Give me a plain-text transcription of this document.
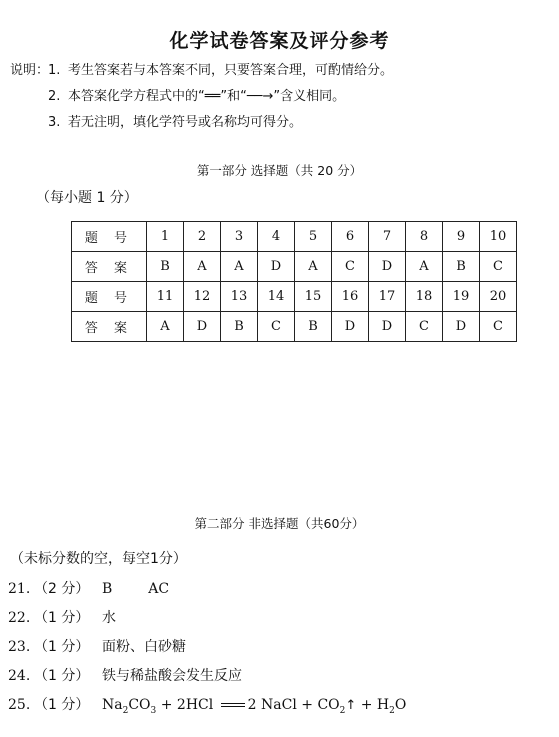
化学试卷答案及评分参考
说明：1. 考生答案若与本答案不同，只要答案合理，可酌情给分。
2. 本答案化学方程式中的“══”和“──→”含义相同。
3. 若无注明，填化学符号或名称均可得分。
第一部分 选择题（共 20 分）
（每小题 1 分）
题 号	1	2	3	4	5	6	7	8	9	10
答 案	B	A	A	D	A	C	D	A	B	C
题 号	11	12	13	14	15	16	17	18	19	20
答 案	A	D	B	C	B	D	D	C	D	C
第二部分 非选择题（共60分）
（未标分数的空，每空1分）
21. （2 分） B	AC
22. （1 分） 水
23. （1 分） 面粉、白砂糖
24. （1 分） 铁与稀盐酸会发生反应
25. （1 分） $Na_2CO_3 + 2HCl$ 2 NaCl + $CO_2↑ + H_2O$
